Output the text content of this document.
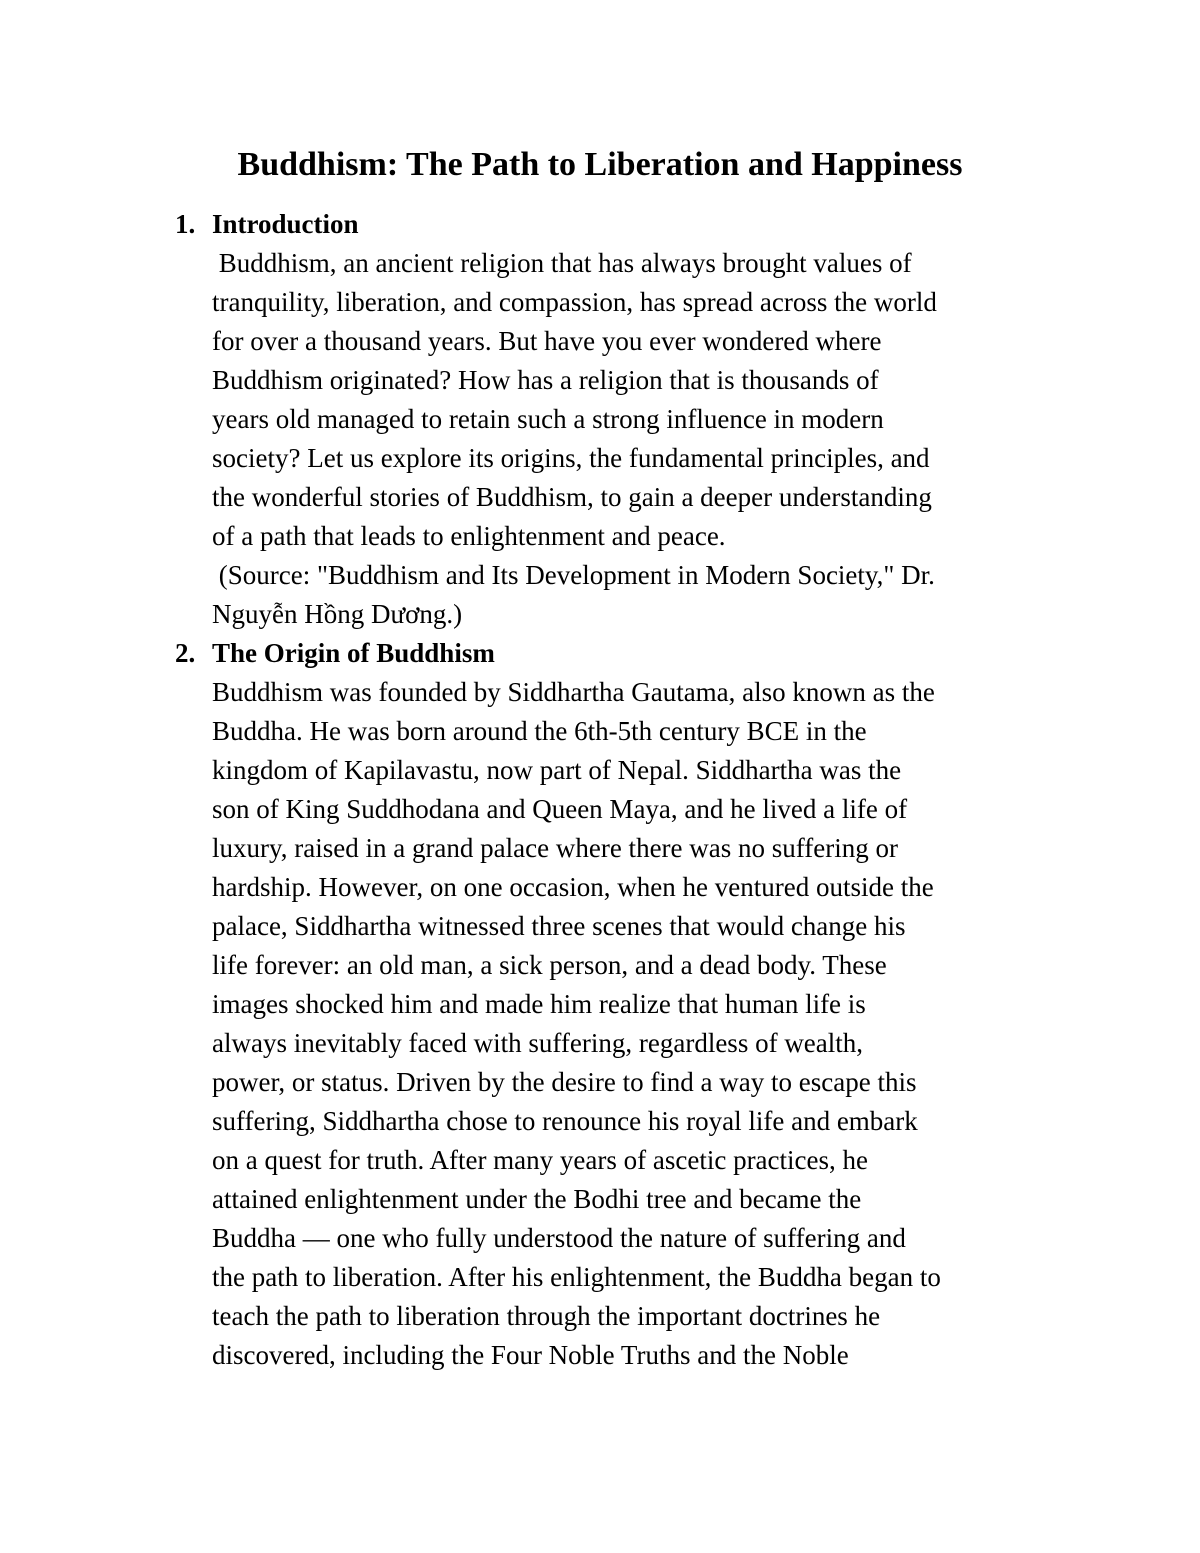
Buddhism: The Path to Liberation and Happiness
1. Introduction
Buddhism, an ancient religion that has always brought values of
tranquility, liberation, and compassion, has spread across the world
for over a thousand years. But have you ever wondered where
Buddhism originated? How has a religion that is thousands of
years old managed to retain such a strong influence in modern
society? Let us explore its origins, the fundamental principles, and
the wonderful stories of Buddhism, to gain a deeper understanding
of a path that leads to enlightenment and peace.
(Source: "Buddhism and Its Development in Modern Society," Dr.
Nguyễn Hồng Dương.)
2. The Origin of Buddhism
Buddhism was founded by Siddhartha Gautama, also known as the
Buddha. He was born around the 6th-5th century BCE in the
kingdom of Kapilavastu, now part of Nepal. Siddhartha was the
son of King Suddhodana and Queen Maya, and he lived a life of
luxury, raised in a grand palace where there was no suffering or
hardship. However, on one occasion, when he ventured outside the
palace, Siddhartha witnessed three scenes that would change his
life forever: an old man, a sick person, and a dead body. These
images shocked him and made him realize that human life is
always inevitably faced with suffering, regardless of wealth,
power, or status. Driven by the desire to find a way to escape this
suffering, Siddhartha chose to renounce his royal life and embark
on a quest for truth. After many years of ascetic practices, he
attained enlightenment under the Bodhi tree and became the
Buddha — one who fully understood the nature of suffering and
the path to liberation. After his enlightenment, the Buddha began to
teach the path to liberation through the important doctrines he
discovered, including the Four Noble Truths and the Noble
